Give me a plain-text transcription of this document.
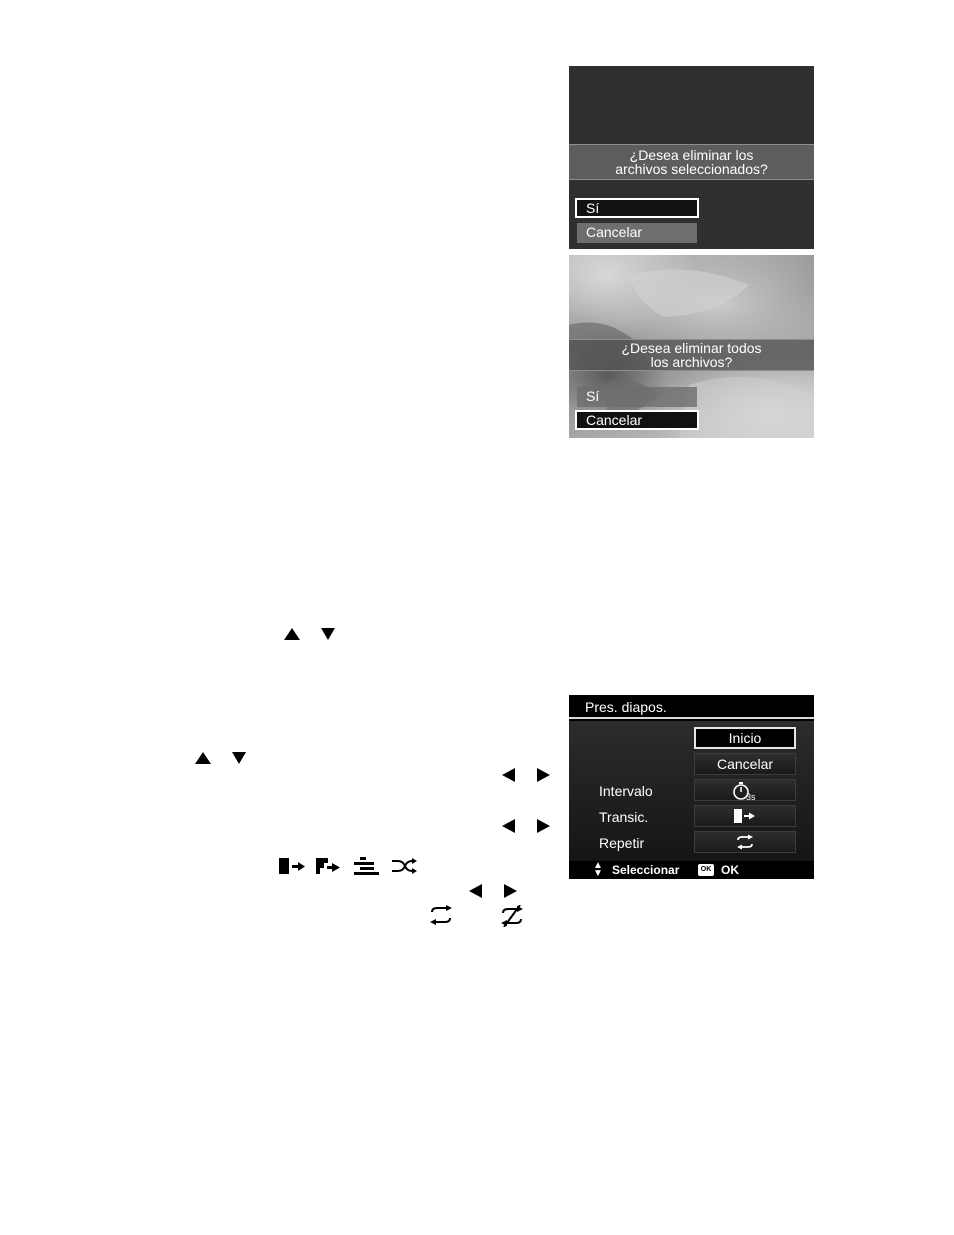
¿Desea eliminar los
archivos seleccionados?
Sí
Cancelar
¿Desea eliminar todos
los archivos?
Sí
Cancelar
Pres. diapos.
Inicio
Cancelar
Intervalo	3s
Transic.
Repetir
▲
▼ Seleccionar	OK OK
